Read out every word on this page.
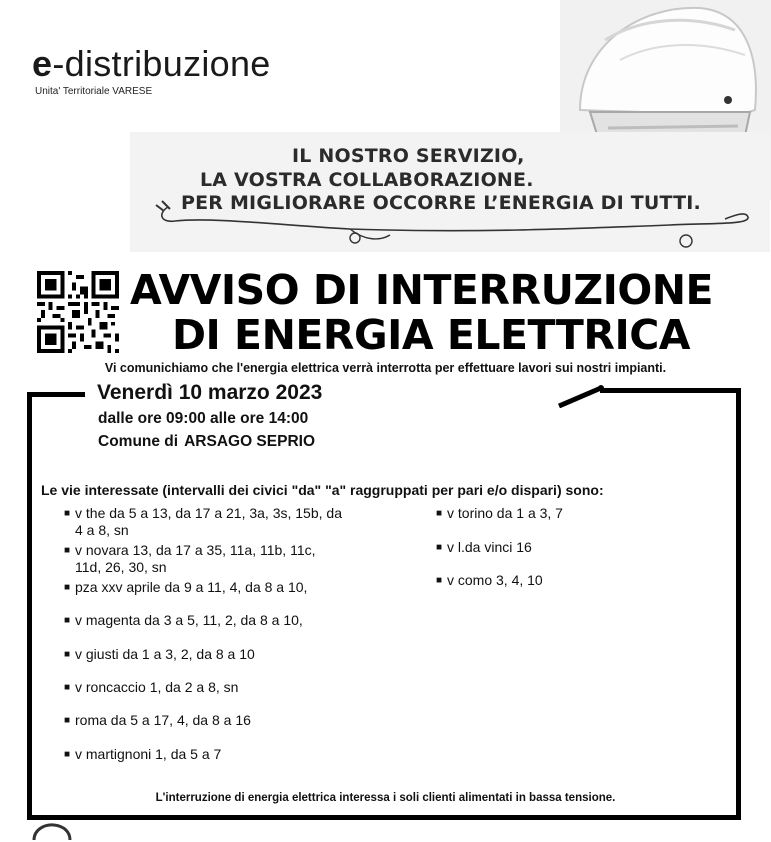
e-distribuzione
Unita' Territoriale VARESE
IL NOSTRO SERVIZIO,
LA VOSTRA COLLABORAZIONE.
PER MIGLIORARE OCCORRE L’ENERGIA DI TUTTI.
AVVISO DI INTERRUZIONE
DI ENERGIA ELETTRICA
Vi comunichiamo che l'energia elettrica verrà interrotta per effettuare lavori sui nostri impianti.
Venerdì 10 marzo 2023
dalle ore 09:00 alle ore 14:00
Comune di ARSAGO SEPRIO
Le vie interessate (intervalli dei civici "da" "a" raggruppati per pari e/o dispari) sono:
■ v the da 5 a 13, da 17 a 21, 3a, 3s, 15b, da 4 a 8, sn
■ v novara 13, da 17 a 35, 11a, 11b, 11c, 11d, 26, 30, sn
■ pza xxv aprile da 9 a 11, 4, da 8 a 10,
■ v magenta da 3 a 5, 11, 2, da 8 a 10,
■ v giusti da 1 a 3, 2, da 8 a 10
■ v roncaccio 1, da 2 a 8, sn
■ roma da 5 a 17, 4, da 8 a 16
■ v martignoni 1, da 5 a 7
■ v torino da 1 a 3, 7
■ v l.da vinci 16
■ v como 3, 4, 10
L'interruzione di energia elettrica interessa i soli clienti alimentati in bassa tensione.
